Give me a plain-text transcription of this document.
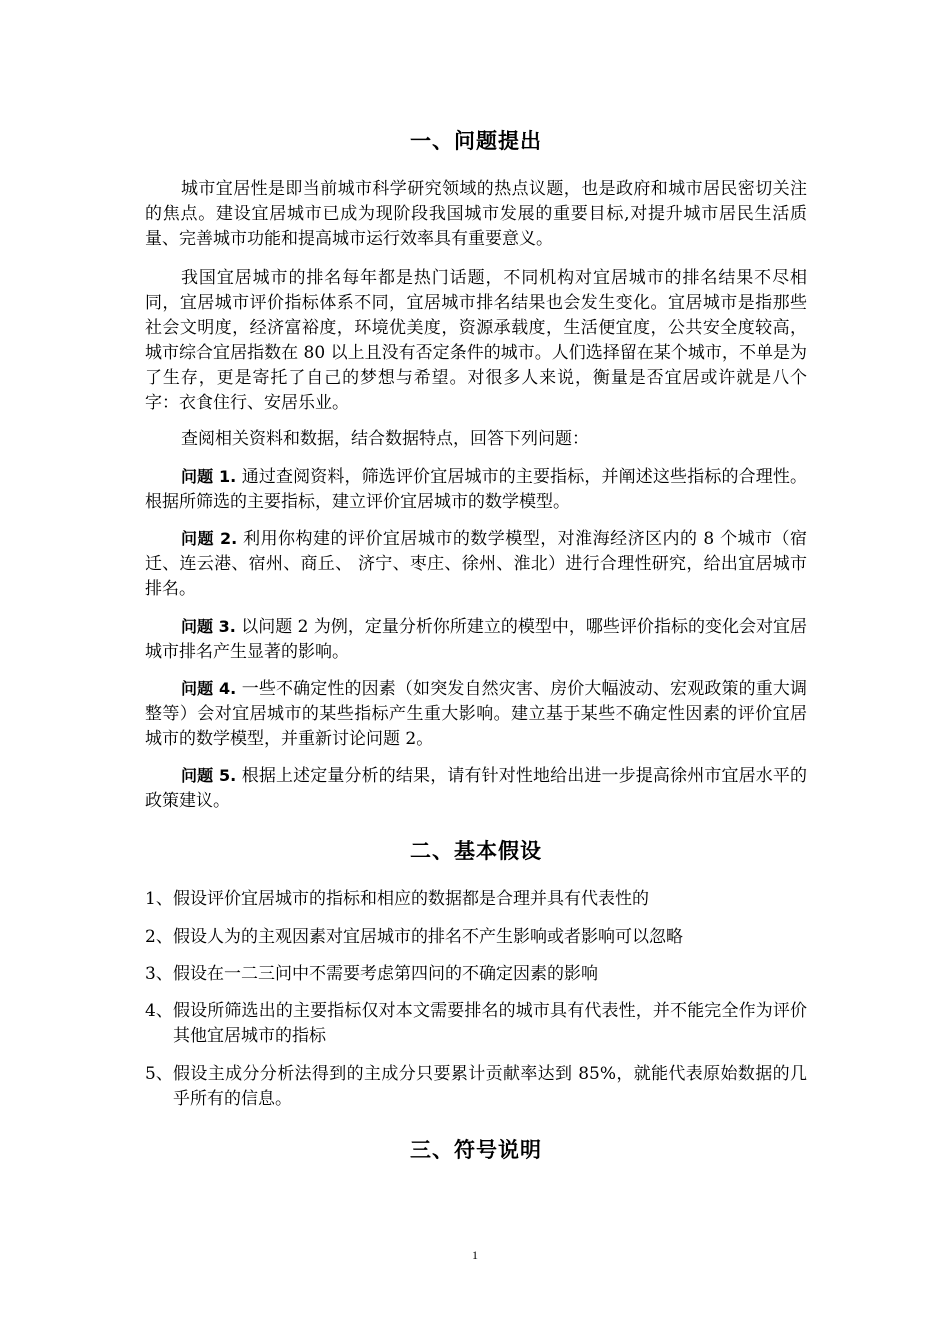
一、问题提出
城市宜居性是即当前城市科学研究领域的热点议题，也是政府和城市居民密切关注的焦点。建设宜居城市已成为现阶段我国城市发展的重要目标,对提升城市居民生活质量、完善城市功能和提高城市运行效率具有重要意义。
我国宜居城市的排名每年都是热门话题，不同机构对宜居城市的排名结果不尽相同，宜居城市评价指标体系不同，宜居城市排名结果也会发生变化。宜居城市是指那些社会文明度，经济富裕度，环境优美度，资源承载度，生活便宜度，公共安全度较高，城市综合宜居指数在 80 以上且没有否定条件的城市。人们选择留在某个城市，不单是为了生存，更是寄托了自己的梦想与希望。对很多人来说，衡量是否宜居或许就是八个字：衣食住行、安居乐业。
查阅相关资料和数据，结合数据特点，回答下列问题：
问题 1. 通过查阅资料，筛选评价宜居城市的主要指标，并阐述这些指标的合理性。根据所筛选的主要指标，建立评价宜居城市的数学模型。
问题 2. 利用你构建的评价宜居城市的数学模型，对淮海经济区内的 8 个城市（宿迁、连云港、宿州、商丘、 济宁、枣庄、徐州、淮北）进行合理性研究，给出宜居城市排名。
问题 3. 以问题 2 为例，定量分析你所建立的模型中，哪些评价指标的变化会对宜居城市排名产生显著的影响。
问题 4. 一些不确定性的因素（如突发自然灾害、房价大幅波动、宏观政策的重大调整等）会对宜居城市的某些指标产生重大影响。建立基于某些不确定性因素的评价宜居城市的数学模型，并重新讨论问题 2。
问题 5. 根据上述定量分析的结果，请有针对性地给出进一步提高徐州市宜居水平的政策建议。
二、基本假设
1、 假设评价宜居城市的指标和相应的数据都是合理并具有代表性的
2、 假设人为的主观因素对宜居城市的排名不产生影响或者影响可以忽略
3、 假设在一二三问中不需要考虑第四问的不确定因素的影响
4、 假设所筛选出的主要指标仅对本文需要排名的城市具有代表性，并不能完全作为评价其他宜居城市的指标
5、 假设主成分分析法得到的主成分只要累计贡献率达到 85%，就能代表原始数据的几乎所有的信息。
三、符号说明
1
